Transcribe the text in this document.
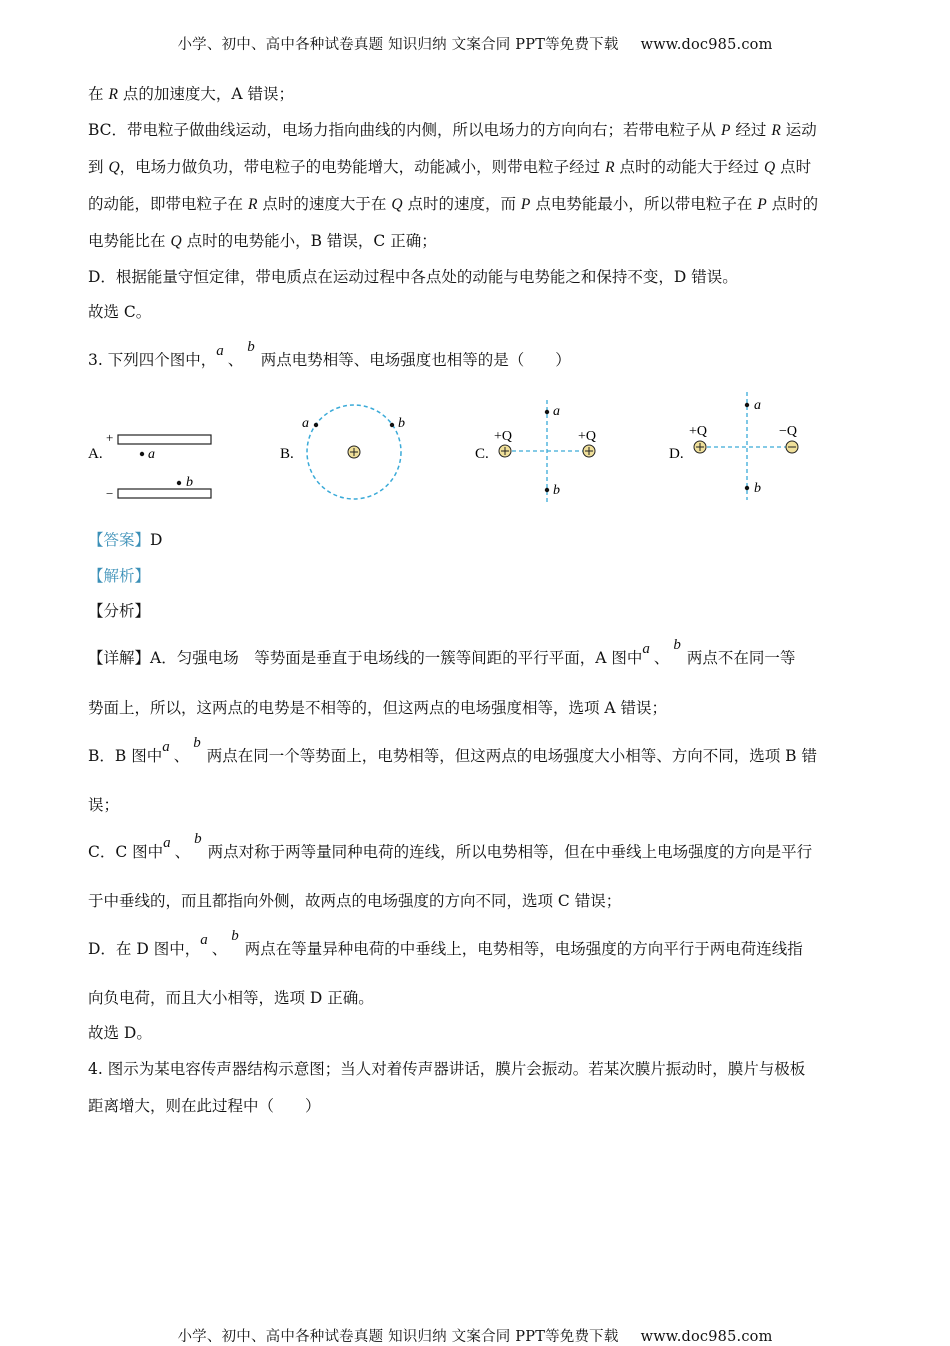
小学、初中、高中各种试卷真题 知识归纳 文案合同 PPT等免费下载 www.doc985.com
在 R 点的加速度大，A 错误；
BC．带电粒子做曲线运动，电场力指向曲线的内侧，所以电场力的方向向右；若带电粒子从 P 经过 R 运动
到 Q，电场力做负功，带电粒子的电势能增大，动能减小，则带电粒子经过 R 点时的动能大于经过 Q 点时
的动能，即带电粒子在 R 点时的速度大于在 Q 点时的速度，而 P 点电势能最小，所以带电粒子在 P 点时的
电势能比在 Q 点时的电势能小，B 错误，C 正确；
D．根据能量守恒定律，带电质点在运动过程中各点处的动能与电势能之和保持不变，D 错误。
故选 C。
3. 下列四个图中，a 、b两点电势相等、电场强度也相等的是（　　）
A.
+
a
b
−
B.
a	b
C.
+Q	+Q
a
b
D.
+Q	−Q
a
b
【答案】D
【解析】
【分析】
【详解】A．匀强电场　等势面是垂直于电场线的一簇等间距的平行平面，A 图中a 、b两点不在同一等
势面上，所以，这两点的电势是不相等的，但这两点的电场强度相等，选项 A 错误；
B．B 图中a 、b两点在同一个等势面上，电势相等，但这两点的电场强度大小相等、方向不同，选项 B 错
误；
C．C 图中a 、b两点对称于两等量同种电荷的连线，所以电势相等，但在中垂线上电场强度的方向是平行
于中垂线的，而且都指向外侧，故两点的电场强度的方向不同，选项 C 错误；
D．在 D 图中，a 、b两点在等量异种电荷的中垂线上，电势相等，电场强度的方向平行于两电荷连线指
向负电荷，而且大小相等，选项 D 正确。
故选 D。
4. 图示为某电容传声器结构示意图；当人对着传声器讲话，膜片会振动。若某次膜片振动时，膜片与极板
距离增大，则在此过程中（　　）
小学、初中、高中各种试卷真题 知识归纳 文案合同 PPT等免费下载 www.doc985.com
